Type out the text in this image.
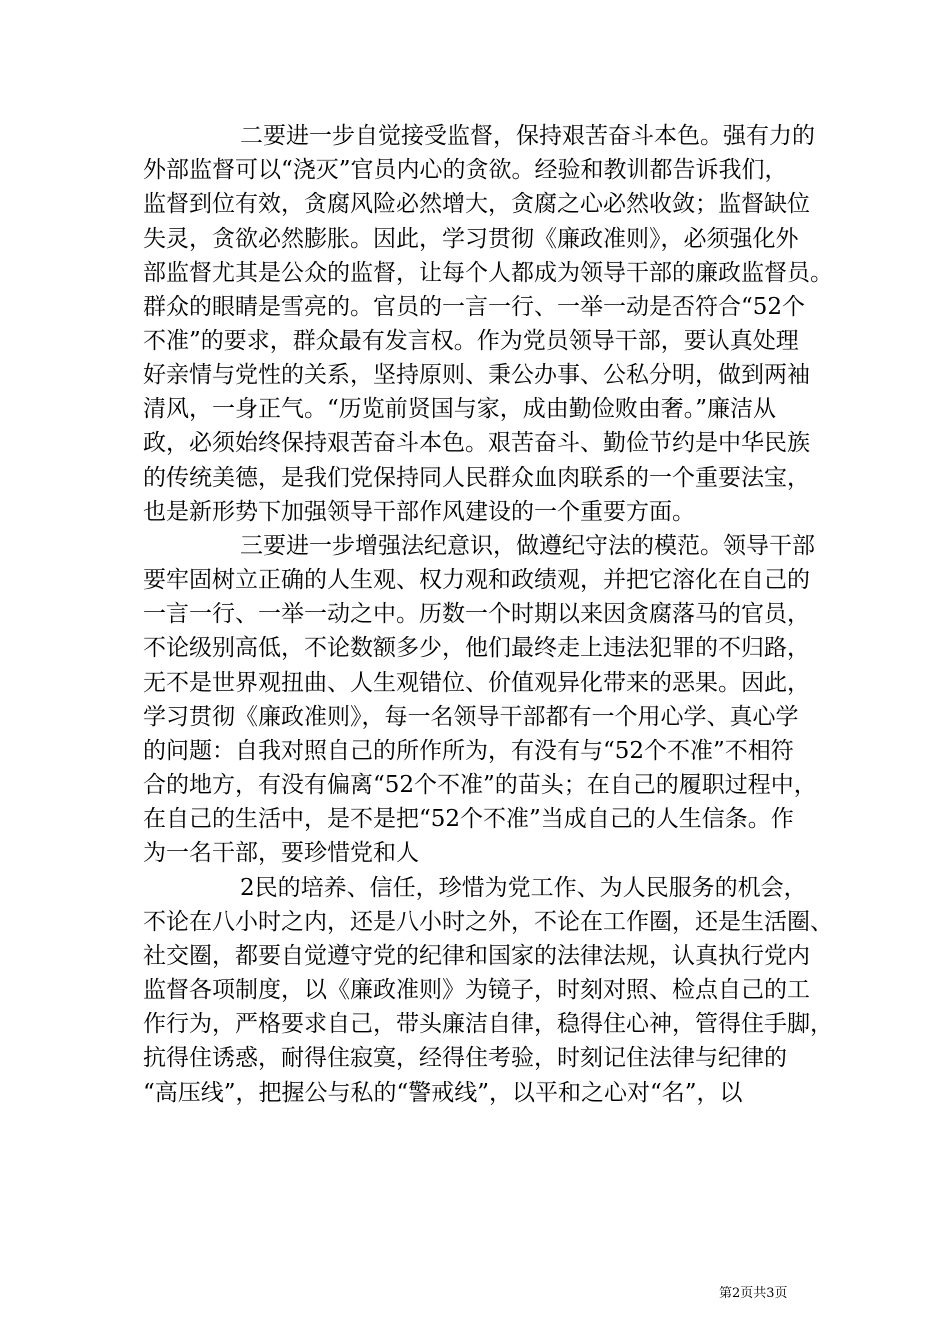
二要进一步自觉接受监督，保持艰苦奋斗本色。强有力的
外部监督可以“浇灭”官员内心的贪欲。经验和教训都告诉我们，
监督到位有效，贪腐风险必然增大，贪腐之心必然收敛；监督缺位
失灵，贪欲必然膨胀。因此，学习贯彻《廉政准则》，必须强化外
部监督尤其是公众的监督，让每个人都成为领导干部的廉政监督员。
群众的眼睛是雪亮的。官员的一言一行、一举一动是否符合“52个
不准”的要求，群众最有发言权。作为党员领导干部，要认真处理
好亲情与党性的关系，坚持原则、秉公办事、公私分明，做到两袖
清风，一身正气。“历览前贤国与家，成由勤俭败由奢。”廉洁从
政，必须始终保持艰苦奋斗本色。艰苦奋斗、勤俭节约是中华民族
的传统美德，是我们党保持同人民群众血肉联系的一个重要法宝，
也是新形势下加强领导干部作风建设的一个重要方面。
三要进一步增强法纪意识，做遵纪守法的模范。领导干部
要牢固树立正确的人生观、权力观和政绩观，并把它溶化在自己的
一言一行、一举一动之中。历数一个时期以来因贪腐落马的官员，
不论级别高低，不论数额多少，他们最终走上违法犯罪的不归路，
无不是世界观扭曲、人生观错位、价值观异化带来的恶果。因此，
学习贯彻《廉政准则》，每一名领导干部都有一个用心学、真心学
的问题：自我对照自己的所作所为，有没有与“52个不准”不相符
合的地方，有没有偏离“52个不准”的苗头；在自己的履职过程中，
在自己的生活中，是不是把“52个不准”当成自己的人生信条。作
为一名干部，要珍惜党和人
2民的培养、信任，珍惜为党工作、为人民服务的机会，
不论在八小时之内，还是八小时之外，不论在工作圈，还是生活圈、
社交圈，都要自觉遵守党的纪律和国家的法律法规，认真执行党内
监督各项制度，以《廉政准则》为镜子，时刻对照、检点自己的工
作行为，严格要求自己，带头廉洁自律，稳得住心神，管得住手脚，
抗得住诱惑，耐得住寂寞，经得住考验，时刻记住法律与纪律的
“高压线”，把握公与私的“警戒线”，以平和之心对“名”，以
第2页共3页
